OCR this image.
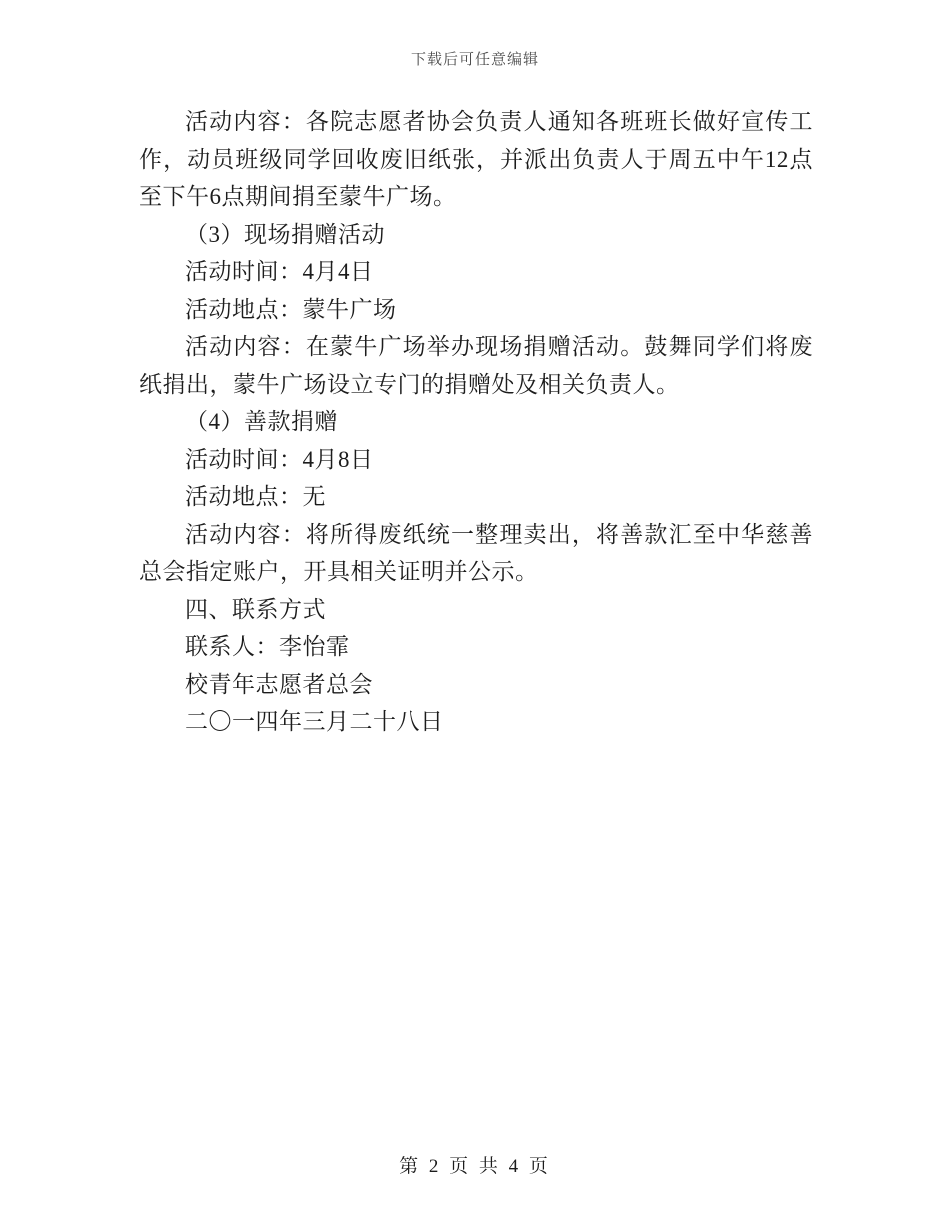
下载后可任意编辑

活动内容：各院志愿者协会负责人通知各班班长做好宣传工作，动员班级同学回收废旧纸张，并派出负责人于周五中午12点至下午6点期间捐至蒙牛广场。

（3）现场捐赠活动

活动时间：4月4日

活动地点：蒙牛广场

活动内容：在蒙牛广场举办现场捐赠活动。鼓舞同学们将废纸捐出，蒙牛广场设立专门的捐赠处及相关负责人。

（4）善款捐赠

活动时间：4月8日

活动地点：无

活动内容：将所得废纸统一整理卖出，将善款汇至中华慈善总会指定账户，开具相关证明并公示。

四、联系方式

联系人：李怡霏

校青年志愿者总会

二〇一四年三月二十八日

第 2 页 共 4 页
